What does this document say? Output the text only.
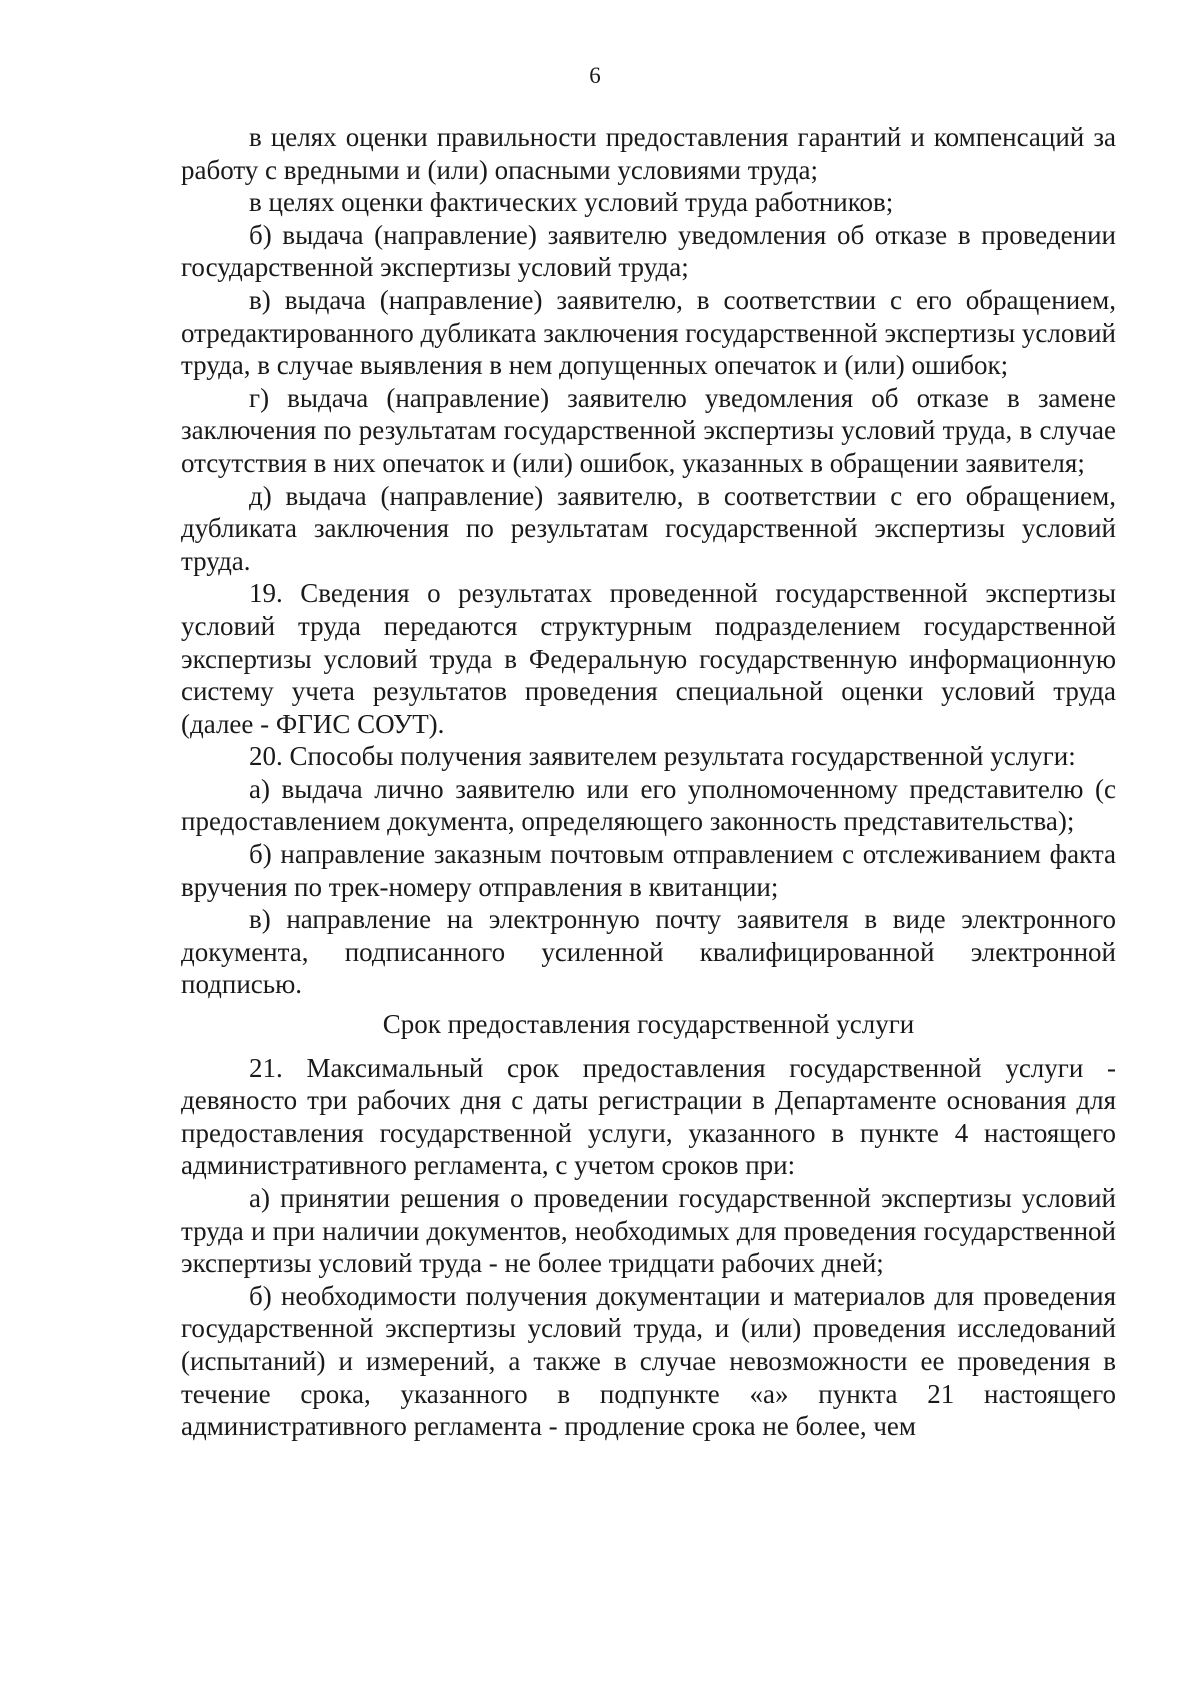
6

в целях оценки правильности предоставления гарантий и компенсаций за работу с вредными и (или) опасными условиями труда;

в целях оценки фактических условий труда работников;

б) выдача (направление) заявителю уведомления об отказе в проведении государственной экспертизы условий труда;

в) выдача (направление) заявителю, в соответствии с его обращением, отредактированного дубликата заключения государственной экспертизы условий труда, в случае выявления в нем допущенных опечаток и (или) ошибок;

г) выдача (направление) заявителю уведомления об отказе в замене заключения по результатам государственной экспертизы условий труда, в случае отсутствия в них опечаток и (или) ошибок, указанных в обращении заявителя;

д) выдача (направление) заявителю, в соответствии с его обращением, дубликата заключения по результатам государственной экспертизы условий труда.

19. Сведения о результатах проведенной государственной экспертизы условий труда передаются структурным подразделением государственной экспертизы условий труда в Федеральную государственную информационную систему учета результатов проведения специальной оценки условий труда (далее - ФГИС СОУТ).

20. Способы получения заявителем результата государственной услуги:

а) выдача лично заявителю или его уполномоченному представителю (с предоставлением документа, определяющего законность представительства);

б) направление заказным почтовым отправлением с отслеживанием факта вручения по трек-номеру отправления в квитанции;

в) направление на электронную почту заявителя в виде электронного документа, подписанного усиленной квалифицированной электронной подписью.

Срок предоставления государственной услуги

21. Максимальный срок предоставления государственной услуги - девяносто три рабочих дня с даты регистрации в Департаменте основания для предоставления государственной услуги, указанного в пункте 4 настоящего административного регламента, с учетом сроков при:

а) принятии решения о проведении государственной экспертизы условий труда и при наличии документов, необходимых для проведения государственной экспертизы условий труда - не более тридцати рабочих дней;

б) необходимости получения документации и материалов для проведения государственной экспертизы условий труда, и (или) проведения исследований (испытаний) и измерений, а также в случае невозможности ее проведения в течение срока, указанного в подпункте «а» пункта 21 настоящего административного регламента - продление срока не более, чем
